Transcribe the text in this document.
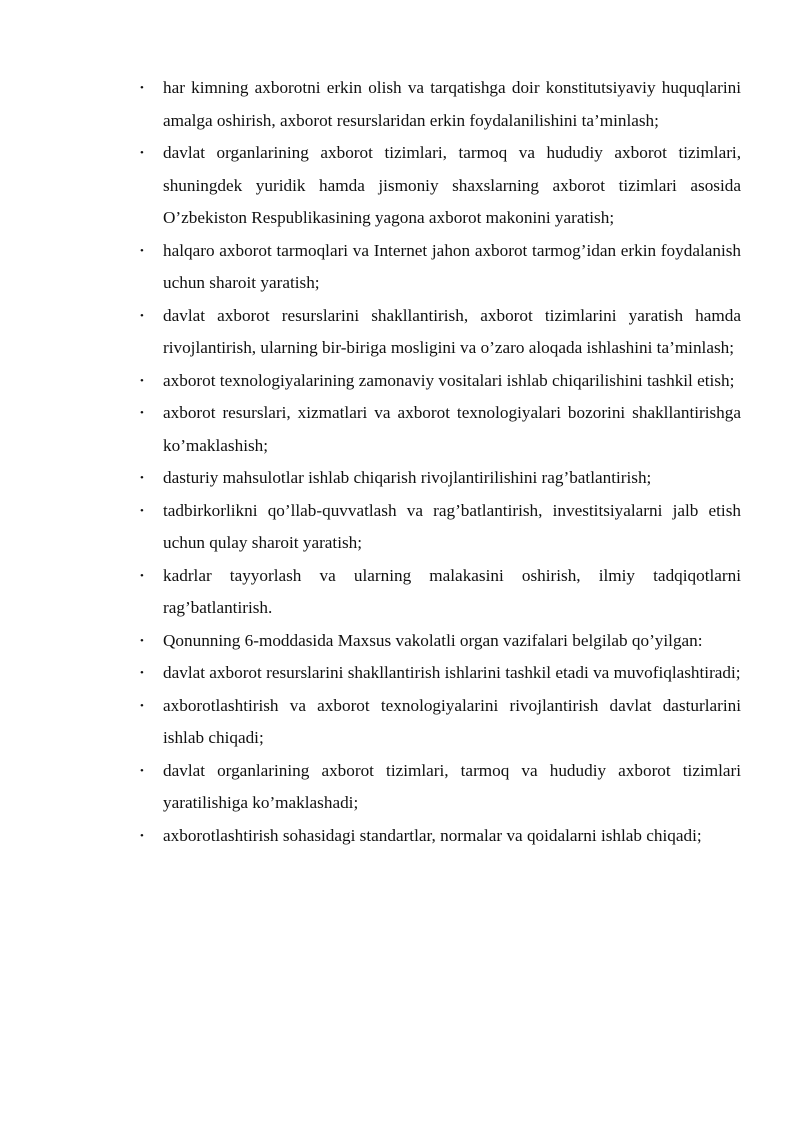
• har kimning axborotni erkin olish va tarqatishga doir konstitutsiyaviy huquqlarini amalga oshirish, axborot resurslaridan erkin foydalanilishini ta’minlash;
• davlat organlarining axborot tizimlari, tarmoq va hududiy axborot tizimlari, shuningdek yuridik hamda jismoniy shaxslarning axborot tizimlari asosida O’zbekiston Respublikasining yagona axborot makonini yaratish;
• halqaro axborot tarmoqlari va Internet jahon axborot tarmog’idan erkin foydalanish uchun sharoit yaratish;
• davlat axborot resurslarini shakllantirish, axborot tizimlarini yaratish hamda rivojlantirish, ularning bir-biriga mosligini va o’zaro aloqada ishlashini ta’minlash;
• axborot texnologiyalarining zamonaviy vositalari ishlab chiqarilishini tashkil etish;
• axborot resurslari, xizmatlari va axborot texnologiyalari bozorini shakllantirishga ko’maklashish;
• dasturiy mahsulotlar ishlab chiqarish rivojlantirilishini rag’batlantirish;
• tadbirkorlikni qo’llab-quvvatlash va rag’batlantirish, investitsiyalarni jalb etish uchun qulay sharoit yaratish;
• kadrlar tayyorlash va ularning malakasini oshirish, ilmiy tadqiqotlarni rag’batlantirish.
• Qonunning 6-moddasida Maxsus vakolatli organ vazifalari belgilab qo’yilgan:
• davlat axborot resurslarini shakllantirish ishlarini tashkil etadi va muvofiqlashtiradi;
• axborotlashtirish va axborot texnologiyalarini rivojlantirish davlat dasturlarini ishlab chiqadi;
• davlat organlarining axborot tizimlari, tarmoq va hududiy axborot tizimlari yaratilishiga ko’maklashadi;
• axborotlashtirish sohasidagi standartlar, normalar va qoidalarni ishlab chiqadi;
